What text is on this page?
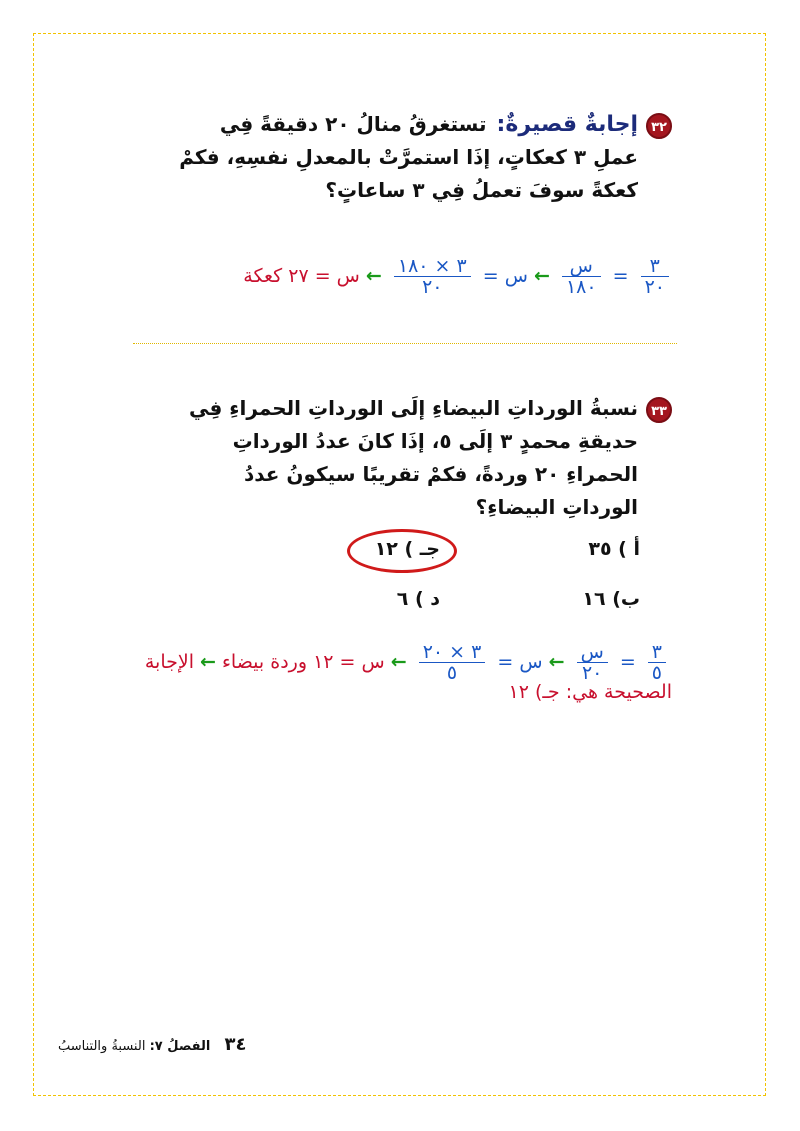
٣٢إجابةٌ قصيرةٌ:تستغرقُ منالُ ٢٠ دقيقةً فِي
عملِ ٣ كعكاتٍ، إذَا استمرَّتْ بالمعدلِ نفسِهِ، فكمْ
كعكةً سوفَ تعملُ فِي ٣ ساعاتٍ؟
$\frac{٣}{٢٠}$
=
$\frac{\text{س}}{١٨٠}$
← س =
$\frac{٣ \times ١٨٠}{٢٠}$
← س = ٢٧ كعكة
٣٣نسبةُ الورداتِ البيضاءِ إلَى الورداتِ الحمراءِ فِي
حديقةِ محمدٍ ٣ إلَى ٥، إذَا كانَ عددُ الورداتِ
الحمراءِ ٢٠ وردةً، فكمْ تقريبًا سيكونُ عددُ
الورداتِ البيضاءِ؟
أ ) ٣٥
جـ ) ١٢
ب) ١٦
د ) ٦
$\frac{٣}{٥}$
=
$\frac{\text{س}}{٢٠}$
← س =
$\frac{٣ \times ٢٠}{٥}$
← س = ١٢ وردة بيضاء ← الإجابة
الصحيحة هي: جـ) ١٢
٣٤ الفصلُ ٧: النسبةُ والتناسبُ
